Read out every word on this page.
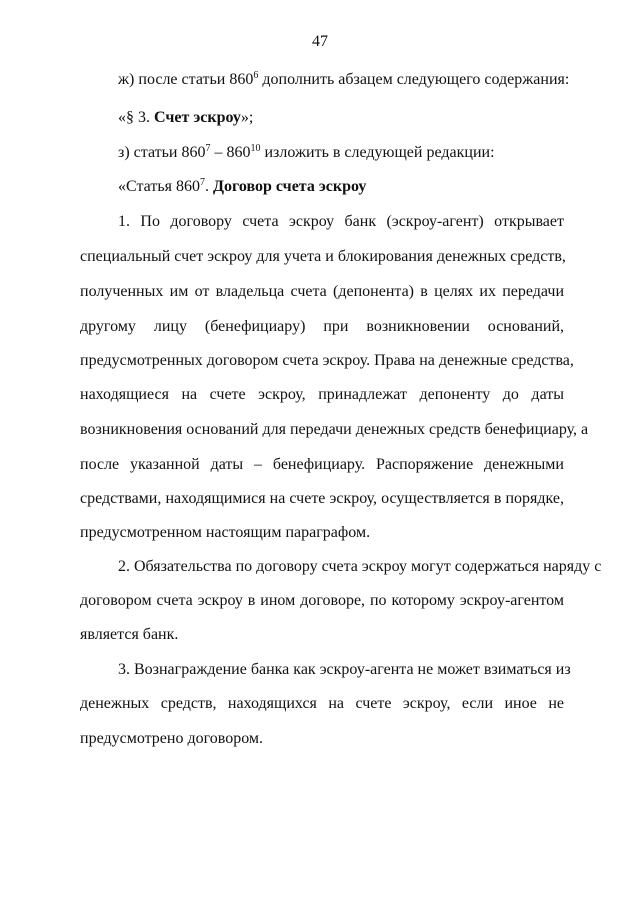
47
ж) после статьи $860^6$ дополнить абзацем следующего содержания:
«§ 3. Счет эскроу»;
з) статьи $860^7 - 860^{10}$ изложить в следующей редакции:
«Статья $860^7$. Договор счета эскроу
1. По договору счета эскроу банк (эскроу-агент) открывает
специальный счет эскроу для учета и блокирования денежных средств,
полученных им от владельца счета (депонента) в целях их передачи
другому лицу (бенефициару) при возникновении оснований,
предусмотренных договором счета эскроу. Права на денежные средства,
находящиеся на счете эскроу, принадлежат депоненту до даты
возникновения оснований для передачи денежных средств бенефициару, а
после указанной даты – бенефициару. Распоряжение денежными
средствами, находящимися на счете эскроу, осуществляется в порядке,
предусмотренном настоящим параграфом.
2. Обязательства по договору счета эскроу могут содержаться наряду с
договором счета эскроу в ином договоре, по которому эскроу-агентом
является банк.
3. Вознаграждение банка как эскроу-агента не может взиматься из
денежных средств, находящихся на счете эскроу, если иное не
предусмотрено договором.
